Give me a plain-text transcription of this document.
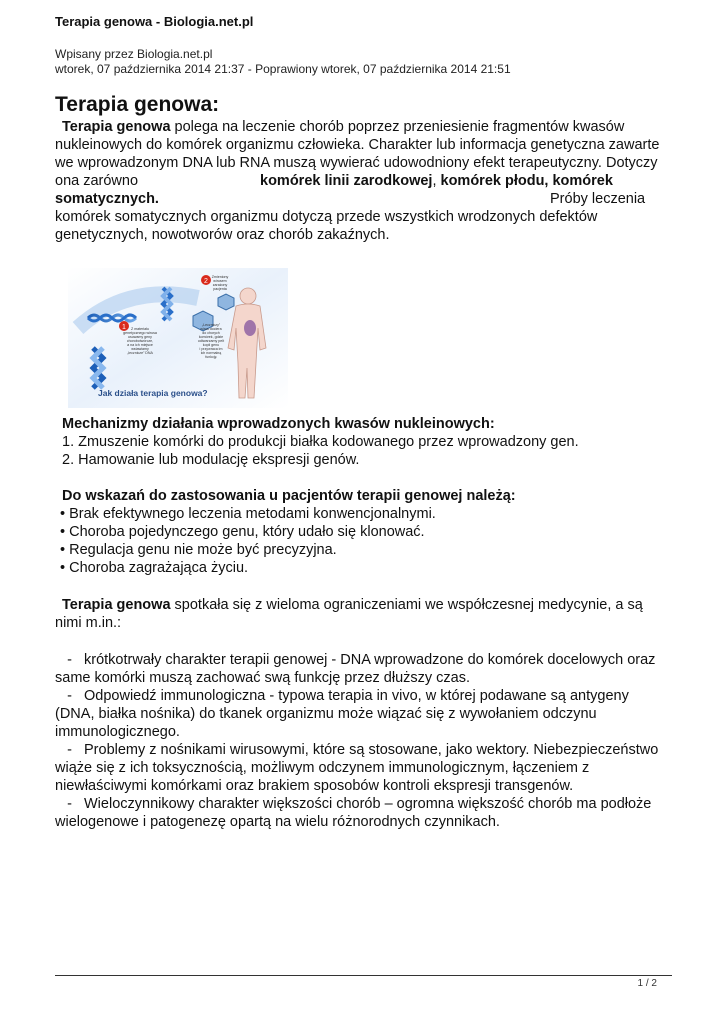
Terapia genowa - Biologia.net.pl
Wpisany przez Biologia.net.pl
wtorek, 07 października 2014 21:37 - Poprawiony wtorek, 07 października 2014 21:51
Terapia genowa:
Terapia genowa polega na leczenie chorób poprzez przeniesienie fragmentów kwasów
nukleinowych do komórek organizmu człowieka. Charakter lub informacja genetyczna zawarte
we wprowadzonym DNA lub RNA muszą wywierać udowodniony efekt terapeutyczny. Dotyczy
ona zarówno	komórek linii zarodkowej, komórek płodu, komórek
somatycznych.	Próby leczenia
komórek somatycznych organizmu dotyczą przede wszystkich wrodzonych defektów
genetycznych, nowotworów oraz chorób zakaźnych.
1
2
Z materiału
genetycznego wirusa
usuwamy geny
chorobotwórcze,
a na ich miejsce
wstawiamy
„lecznicze” DNA
„Leczniczy”
wirus dociera
do chorych
komórek, gdzie
odtwarzamy pelt
kopii genu
i przywraca im
ich normalną
funkcję
Zmieniony
wirusem
zarażony
pacjenta
Jak działa terapia genowa?
Mechanizmy działania wprowadzonych kwasów nukleinowych:
1. Zmuszenie komórki do produkcji białka kodowanego przez wprowadzony gen.
2. Hamowanie lub modulację ekspresji genów.
Do wskazań do zastosowania u pacjentów terapii genowej należą:
• Brak efektywnego leczenia metodami konwencjonalnymi.
• Choroba pojedynczego genu, który udało się klonować.
• Regulacja genu nie może być precyzyjna.
• Choroba zagrażająca życiu.
Terapia genowa spotkała się z wieloma ograniczeniami we współczesnej medycynie, a są
nimi m.in.:
-   krótkotrwały charakter terapii genowej - DNA wprowadzone do komórek docelowych oraz
same komórki muszą zachować swą funkcję przez dłuższy czas.
-   Odpowiedź immunologiczna - typowa terapia in vivo, w której podawane są antygeny
(DNA, białka nośnika) do tkanek organizmu może wiązać się z wywołaniem odczynu
immunologicznego.
-   Problemy z nośnikami wirusowymi, które są stosowane, jako wektory. Niebezpieczeństwo
wiąże się z ich toksycznością, możliwym odczynem immunologicznym, łączeniem z
niewłaściwymi komórkami oraz brakiem sposobów kontroli ekspresji transgenów.
-   Wieloczynnikowy charakter większości chorób – ogromna większość chorób ma podłoże
wielogenowe i patogenezę opartą na wielu różnorodnych czynnikach.
1 / 2
